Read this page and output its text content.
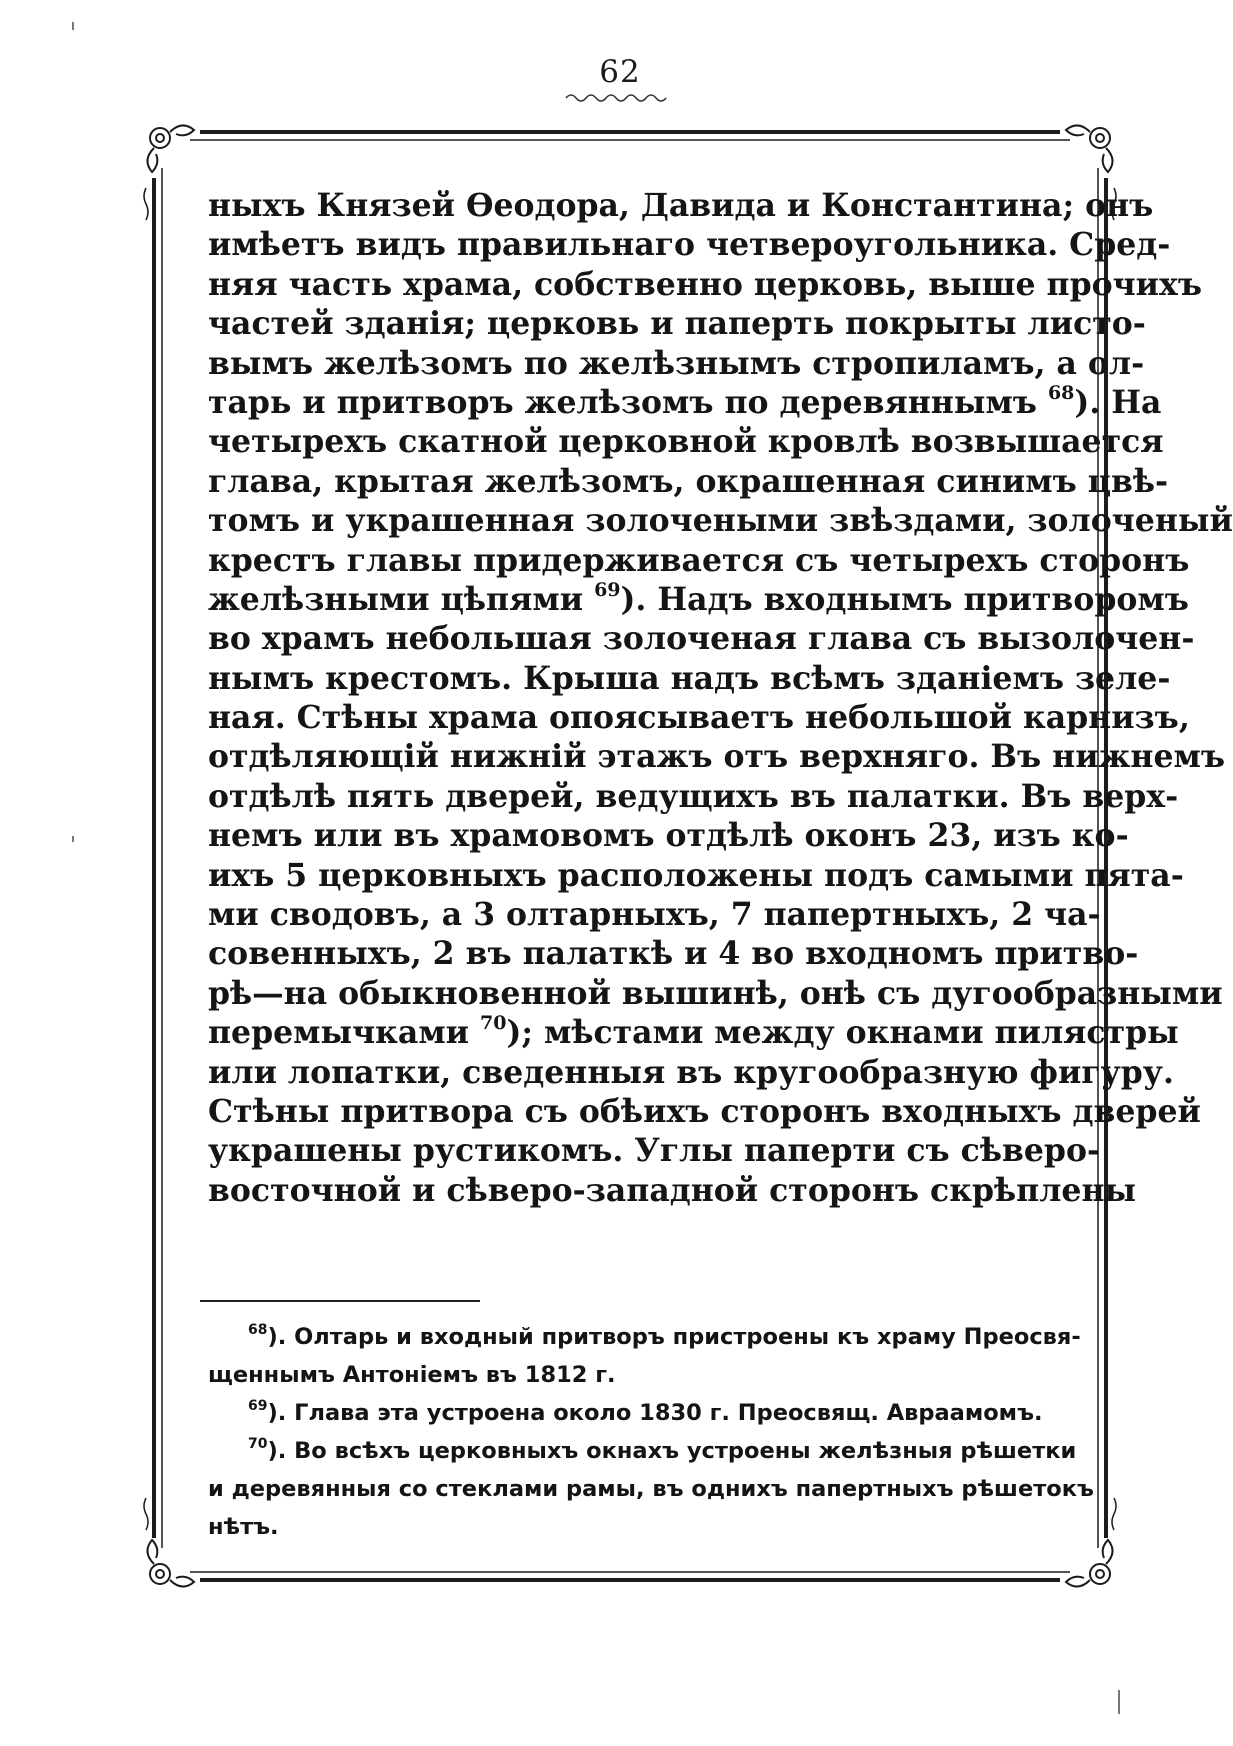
62
ныхъ Князей Ѳеодора, Давида и Константина; онъ
имѣетъ видъ правильнаго четвероугольника. Сред-
няя часть храма, собственно церковь, выше прочихъ
частей зданія; церковь и паперть покрыты листо-
вымъ желѣзомъ по желѣзнымъ стропиламъ, а ол-
тарь и притворъ желѣзомъ по деревяннымъ $^{68}$). На
четырехъ скатной церковной кровлѣ возвышается
глава, крытая желѣзомъ, окрашенная синимъ цвѣ-
томъ и украшенная золочеными звѣздами, золоченый
крестъ главы придерживается съ четырехъ сторонъ
желѣзными цѣпями $^{69}$). Надъ входнымъ притворомъ
во храмъ небольшая золоченая глава съ вызолочен-
нымъ крестомъ. Крыша надъ всѣмъ зданіемъ зеле-
ная. Стѣны храма опоясываетъ небольшой карнизъ,
отдѣляющій нижній этажъ отъ верхняго. Въ нижнемъ
отдѣлѣ пять дверей, ведущихъ въ палатки. Въ верх-
немъ или въ храмовомъ отдѣлѣ оконъ 23, изъ ко-
ихъ 5 церковныхъ расположены подъ самыми пята-
ми сводовъ, а 3 олтарныхъ, 7 папертныхъ, 2 ча-
совенныхъ, 2 въ палаткѣ и 4 во входномъ притво-
рѣ—на обыкновенной вышинѣ, онѣ съ дугообразными
перемычками $^{70}$); мѣстами между окнами пилястры
или лопатки, сведенныя въ кругообразную фигуру.
Стѣны притвора съ обѣихъ сторонъ входныхъ дверей
украшены рустикомъ. Углы паперти съ сѣверо-
восточной и сѣверо-западной сторонъ скрѣплены
$^{68}$). Олтарь и входный притворъ пристроены къ храму Преосвя-
щеннымъ Антоніемъ въ 1812 г.
$^{69}$). Глава эта устроена около 1830 г. Преосвящ. Авраамомъ.
$^{70}$). Во всѣхъ церковныхъ окнахъ устроены желѣзныя рѣшетки
и деревянныя со стеклами рамы, въ однихъ папертныхъ рѣшетокъ
нѣтъ.
